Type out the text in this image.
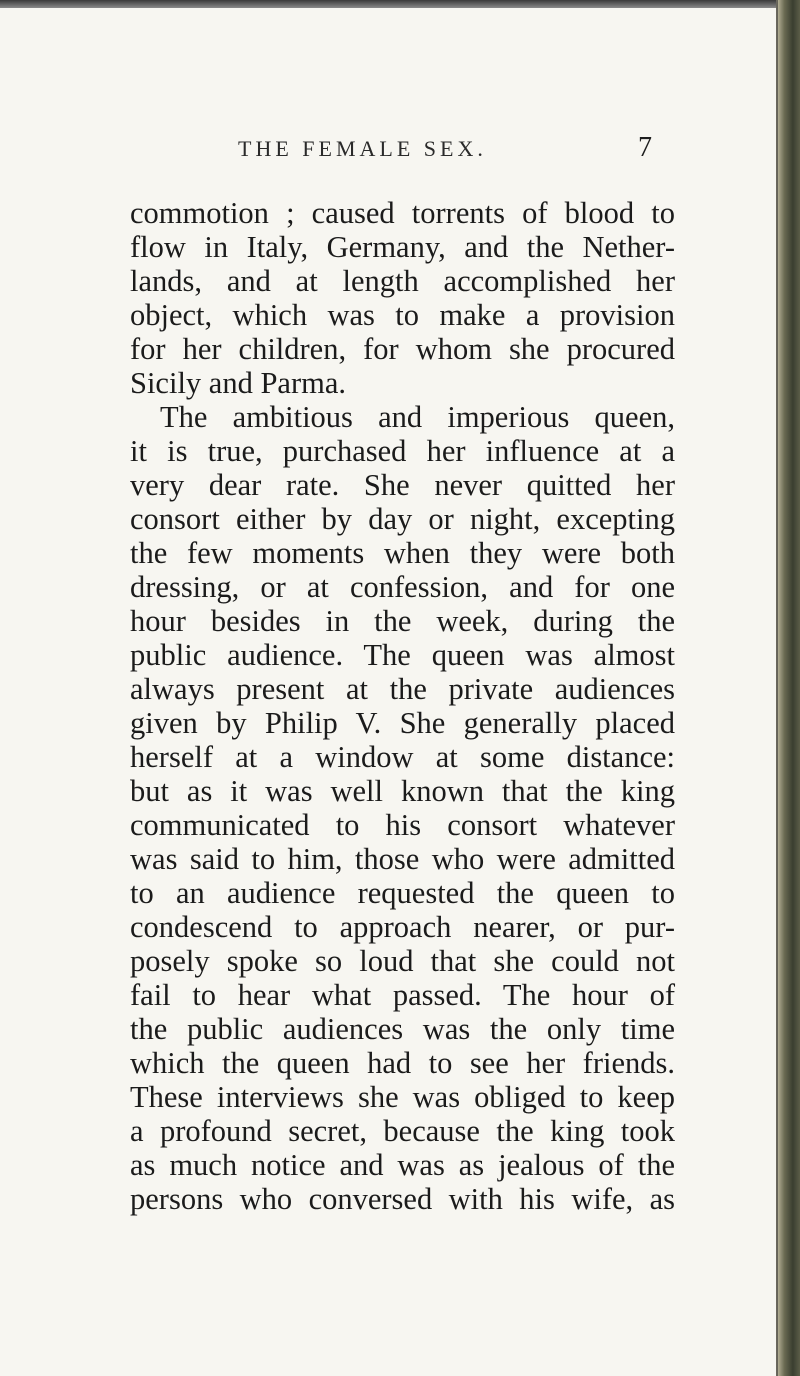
THE FEMALE SEX.	7
commotion ; caused torrents of blood to
flow in Italy, Germany, and the Nether-
lands, and at length accomplished her
object, which was to make a provision
for her children, for whom she procured
Sicily and Parma.
The ambitious and imperious queen,
it is true, purchased her influence at a
very dear rate. She never quitted her
consort either by day or night, excepting
the few moments when they were both
dressing, or at confession, and for one
hour besides in the week, during the
public audience. The queen was almost
always present at the private audiences
given by Philip V. She generally placed
herself at a window at some distance:
but as it was well known that the king
communicated to his consort whatever
was said to him, those who were admitted
to an audience requested the queen to
condescend to approach nearer, or pur-
posely spoke so loud that she could not
fail to hear what passed. The hour of
the public audiences was the only time
which the queen had to see her friends.
These interviews she was obliged to keep
a profound secret, because the king took
as much notice and was as jealous of the
persons who conversed with his wife, as
